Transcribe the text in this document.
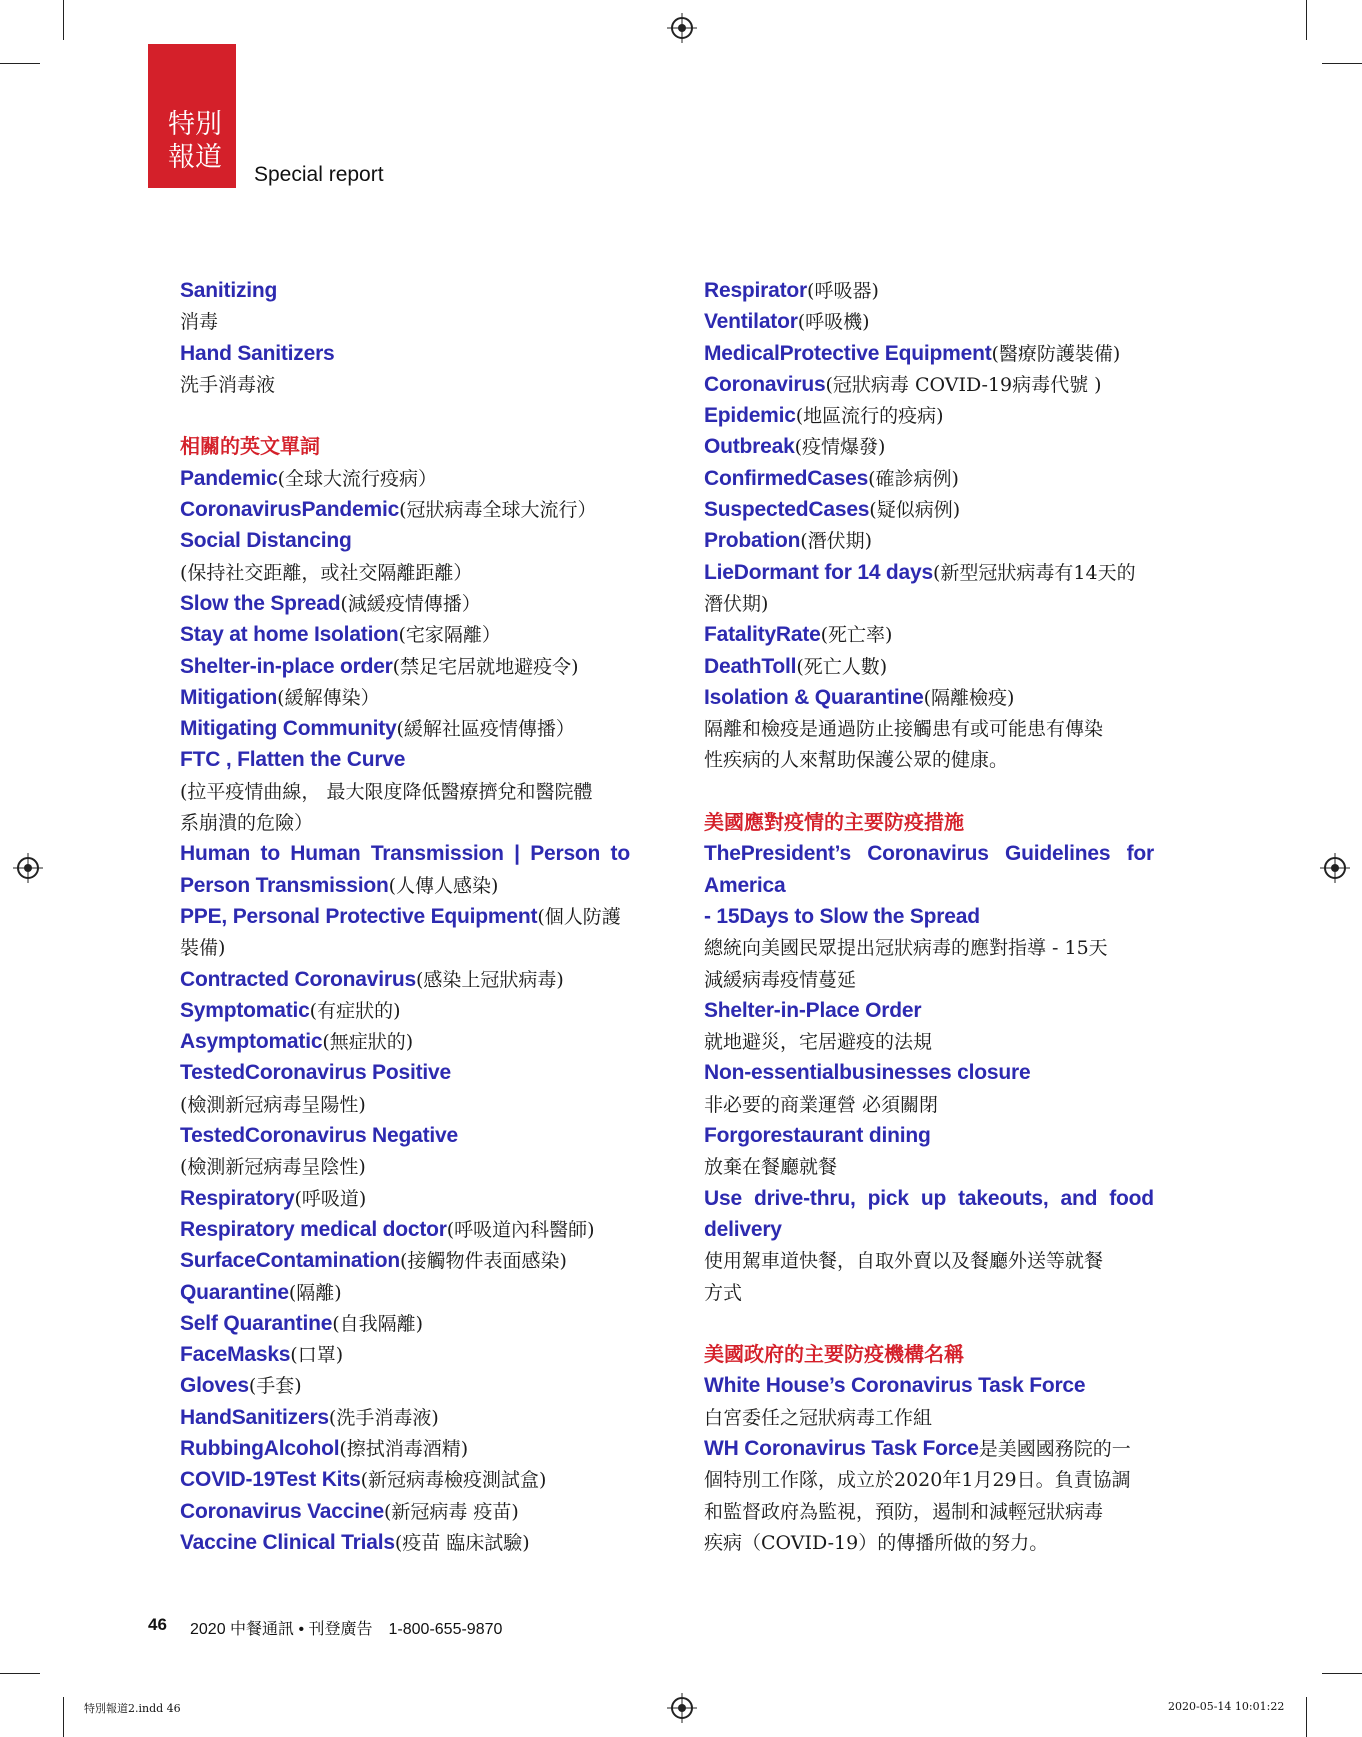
特別
報道
Special report
Sanitizing
消毒
Hand Sanitizers
洗手消毒液
相關的英文單詞
Pandemic(全球大流行疫病）
CoronavirusPandemic(冠狀病毒全球大流行）
Social Distancing
(保持社交距離，或社交隔離距離）
Slow the Spread(減緩疫情傳播）
Stay at home Isolation(宅家隔離）
Shelter-in-place order(禁足宅居就地避疫令)
Mitigation(緩解傳染）
Mitigating Community(緩解社區疫情傳播）
FTC , Flatten the Curve
(拉平疫情曲線， 最大限度降低醫療擠兌和醫院體
系崩潰的危險）
Human to Human Transmission | Person to
Person Transmission(人傳人感染)
PPE, Personal Protective Equipment(個人防護
裝備)
Contracted Coronavirus(感染上冠狀病毒)
Symptomatic(有症狀的)
Asymptomatic(無症狀的)
TestedCoronavirus Positive
(檢測新冠病毒呈陽性)
TestedCoronavirus Negative
(檢測新冠病毒呈陰性)
Respiratory(呼吸道)
Respiratory medical doctor(呼吸道內科醫師)
SurfaceContamination(接觸物件表面感染)
Quarantine(隔離)
Self Quarantine(自我隔離)
FaceMasks(口罩)
Gloves(手套)
HandSanitizers(洗手消毒液)
RubbingAlcohol(擦拭消毒酒精)
COVID-19Test Kits(新冠病毒檢疫測試盒)
Coronavirus Vaccine(新冠病毒 疫苗)
Vaccine Clinical Trials(疫苗 臨床試驗)
Respirator(呼吸器)
Ventilator(呼吸機)
MedicalProtective Equipment(醫療防護裝備)
Coronavirus(冠狀病毒 COVID-19病毒代號 )
Epidemic(地區流行的疫病)
Outbreak(疫情爆發)
ConfirmedCases(確診病例)
SuspectedCases(疑似病例)
Probation(潛伏期)
LieDormant for 14 days(新型冠狀病毒有14天的
潛伏期)
FatalityRate(死亡率)
DeathToll(死亡人數)
Isolation & Quarantine(隔離檢疫)
隔離和檢疫是通過防止接觸患有或可能患有傳染
性疾病的人來幫助保護公眾的健康。
美國應對疫情的主要防疫措施
ThePresident’s Coronavirus Guidelines for
America
- 15Days to Slow the Spread
總統向美國民眾提出冠狀病毒的應對指導 - 15天
減緩病毒疫情蔓延
Shelter-in-Place Order
就地避災，宅居避疫的法規
Non-essentialbusinesses closure
非必要的商業運營 必須關閉
Forgorestaurant dining
放棄在餐廳就餐
Use drive-thru, pick up takeouts, and food
delivery
使用駕車道快餐，自取外賣以及餐廳外送等就餐
方式
美國政府的主要防疫機構名稱
White House’s Coronavirus Task Force
白宮委任之冠狀病毒工作組
WH Coronavirus Task Force是美國國務院的一
個特別工作隊，成立於2020年1月29日。負責協調
和監督政府為監視，預防，遏制和減輕冠狀病毒
疾病（COVID-19）的傳播所做的努力。
46 2020 中餐通訊 • 刊登廣告　1-800-655-9870
特別報道2.indd 46	2020-05-14 10:01:22
